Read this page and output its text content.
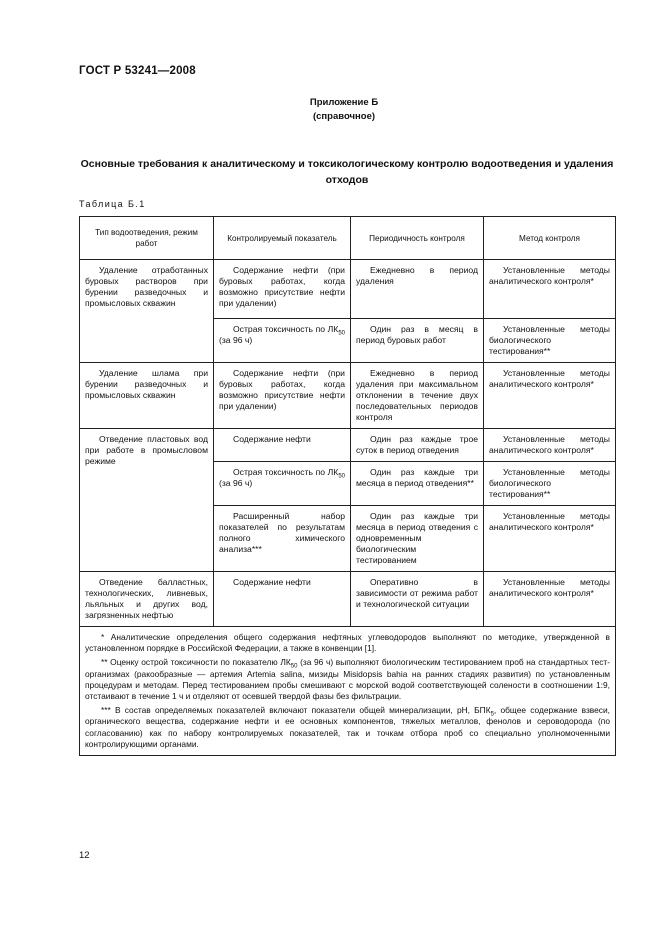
ГОСТ Р 53241—2008
Приложение Б
(справочное)
Основные требования к аналитическому и токсикологическому контролю водоотведения и удаления отходов
Таблица Б.1
Тип водоотведения, режим работ	Контролируемый показатель	Периодичность контроля	Метод контроля
Удаление отработанных буровых растворов при бурении разведочных и промысловых скважин	Содержание нефти (при буровых работах, когда возможно присутствие нефти при удалении)	Ежедневно в период удаления	Установленные методы аналитического контроля*
	Острая токсичность по $ЛК_{50}$ (за 96 ч)	Один раз в месяц в период буровых работ	Установленные методы биологического тестирования**
Удаление шлама при бурении разведочных и промысловых скважин	Содержание нефти (при буровых работах, когда возможно присутствие нефти при удалении)	Ежедневно в период удаления при максимальном отклонении в течение двух последовательных периодов контроля	Установленные методы аналитического контроля*
Отведение пластовых вод при работе в промысловом режиме	Содержание нефти	Один раз каждые трое суток в период отведения	Установленные методы аналитического контроля*
	Острая токсичность по $ЛК_{50}$ (за 96 ч)	Один раз каждые три месяца в период отведения**	Установленные методы биологического тестирования**
	Расширенный набор показателей по результатам полного химического анализа***	Один раз каждые три месяца в период отведения с одновременным биологическим тестированием	Установленные методы аналитического контроля*
Отведение балластных, технологических, ливневых, льяльных и других вод, загрязненных нефтью	Содержание нефти	Оперативно в зависимости от режима работ и технологической ситуации	Установленные методы аналитического контроля*

* Аналитические определения общего содержания нефтяных углеводородов выполняют по методике, утвержденной в установленном порядке в Российской Федерации, а также в конвенции [1].
** Оценку острой токсичности по показателю $ЛК_{50}$ (за 96 ч) выполняют биологическим тестированием проб на стандартных тест-организмах (ракообразные — артемия Artemia salina, мизиды Misidopsis bahia на ранних стадиях развития) по установленным процедурам и методам. Перед тестированием пробы смешивают с морской водой соответствующей солености в соотношении 1:9, отстаивают в течение 1 ч и отделяют от осевшей твердой фазы без фильтрации.
*** В состав определяемых показателей включают показатели общей минерализации, pH, $БПК_5$, общее содержание взвеси, органического вещества, содержание нефти и ее основных компонентов, тяжелых металлов, фенолов и сероводорода (по согласованию) как по набору контролируемых показателей, так и точкам отбора проб со специально уполномоченными контролирующими органами.			
12
